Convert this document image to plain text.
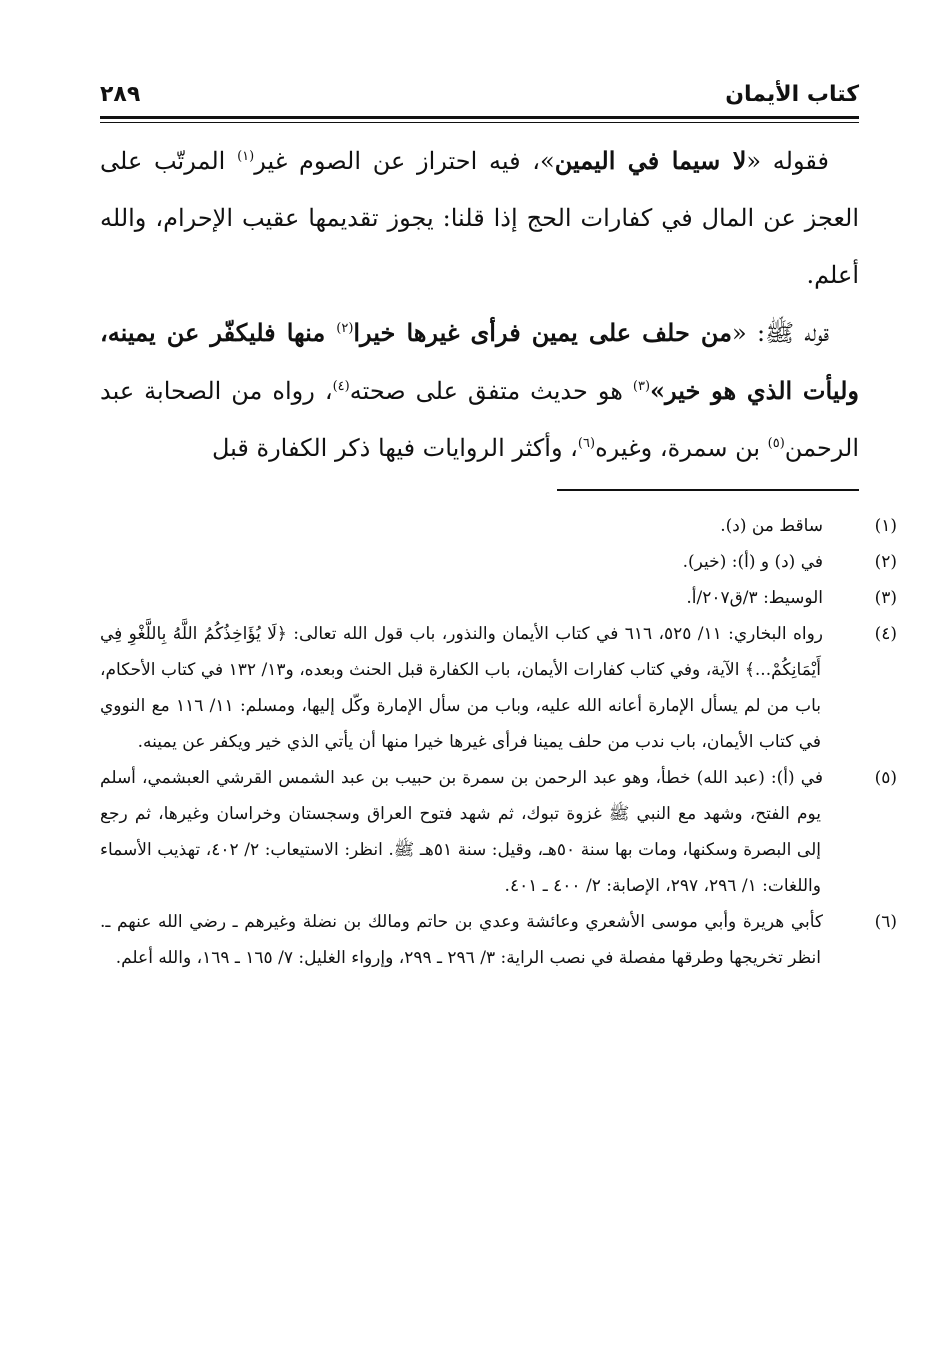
كتاب الأيمان
٢٨٩

فقوله «لا سيما في اليمين»، فيه احتراز عن الصوم غير$^{(١)}$ المرتّب على العجز عن المال في كفارات الحج إذا قلنا: يجوز تقديمها عقيب الإحرام، والله أعلم.

قوله ﷺ: «من حلف على يمين فرأى غيرها خيرا$^{(٢)}$ منها فليكفّر عن يمينه، وليأت الذي هو خير»$^{(٣)}$ هو حديث متفق على صحته$^{(٤)}$، رواه من الصحابة عبد الرحمن$^{(٥)}$ بن سمرة، وغيره$^{(٦)}$، وأكثر الروايات فيها ذكر الكفارة قبل

(١)ساقط من (د).

(٢)في (د) و (أ): (خير).

(٣)الوسيط: ٣/ق٢٠٧/أ.

(٤)رواه البخاري: ١١/ ٥٢٥، ٦١٦ في كتاب الأيمان والنذور، باب قول الله تعالى: ﴿لَا يُؤَاخِذُكُمُ اللَّهُ بِاللَّغْوِ فِي أَيْمَانِكُمْ...﴾ الآية، وفي كتاب كفارات الأيمان، باب الكفارة قبل الحنث وبعده، و١٣/ ١٣٢ في كتاب الأحكام، باب من لم يسأل الإمارة أعانه الله عليه، وباب من سأل الإمارة وكّل إليها، ومسلم: ١١/ ١١٦ مع النووي في كتاب الأيمان، باب ندب من حلف يمينا فرأى غيرها خيرا منها أن يأتي الذي خير ويكفر عن يمينه.

(٥)في (أ): (عبد الله) خطأ، وهو عبد الرحمن بن سمرة بن حبيب بن عبد الشمس القرشي العبشمي، أسلم يوم الفتح، وشهد مع النبي ﷺ غزوة تبوك، ثم شهد فتوح العراق وسجستان وخراسان وغيرها، ثم رجع إلى البصرة وسكنها، ومات بها سنة ٥٠هـ، وقيل: سنة ٥١هـ ﷺ. انظر: الاستيعاب: ٢/ ٤٠٢، تهذيب الأسماء واللغات: ١/ ٢٩٦، ٢٩٧، الإصابة: ٢/ ٤٠٠ ـ ٤٠١.

(٦)كأبي هريرة وأبي موسى الأشعري وعائشة وعدي بن حاتم ومالك بن نضلة وغيرهم ـ رضي الله عنهم ـ. انظر تخريجها وطرقها مفصلة في نصب الراية: ٣/ ٢٩٦ ـ ٢٩٩، وإرواء الغليل: ٧/ ١٦٥ ـ ١٦٩، والله أعلم.
